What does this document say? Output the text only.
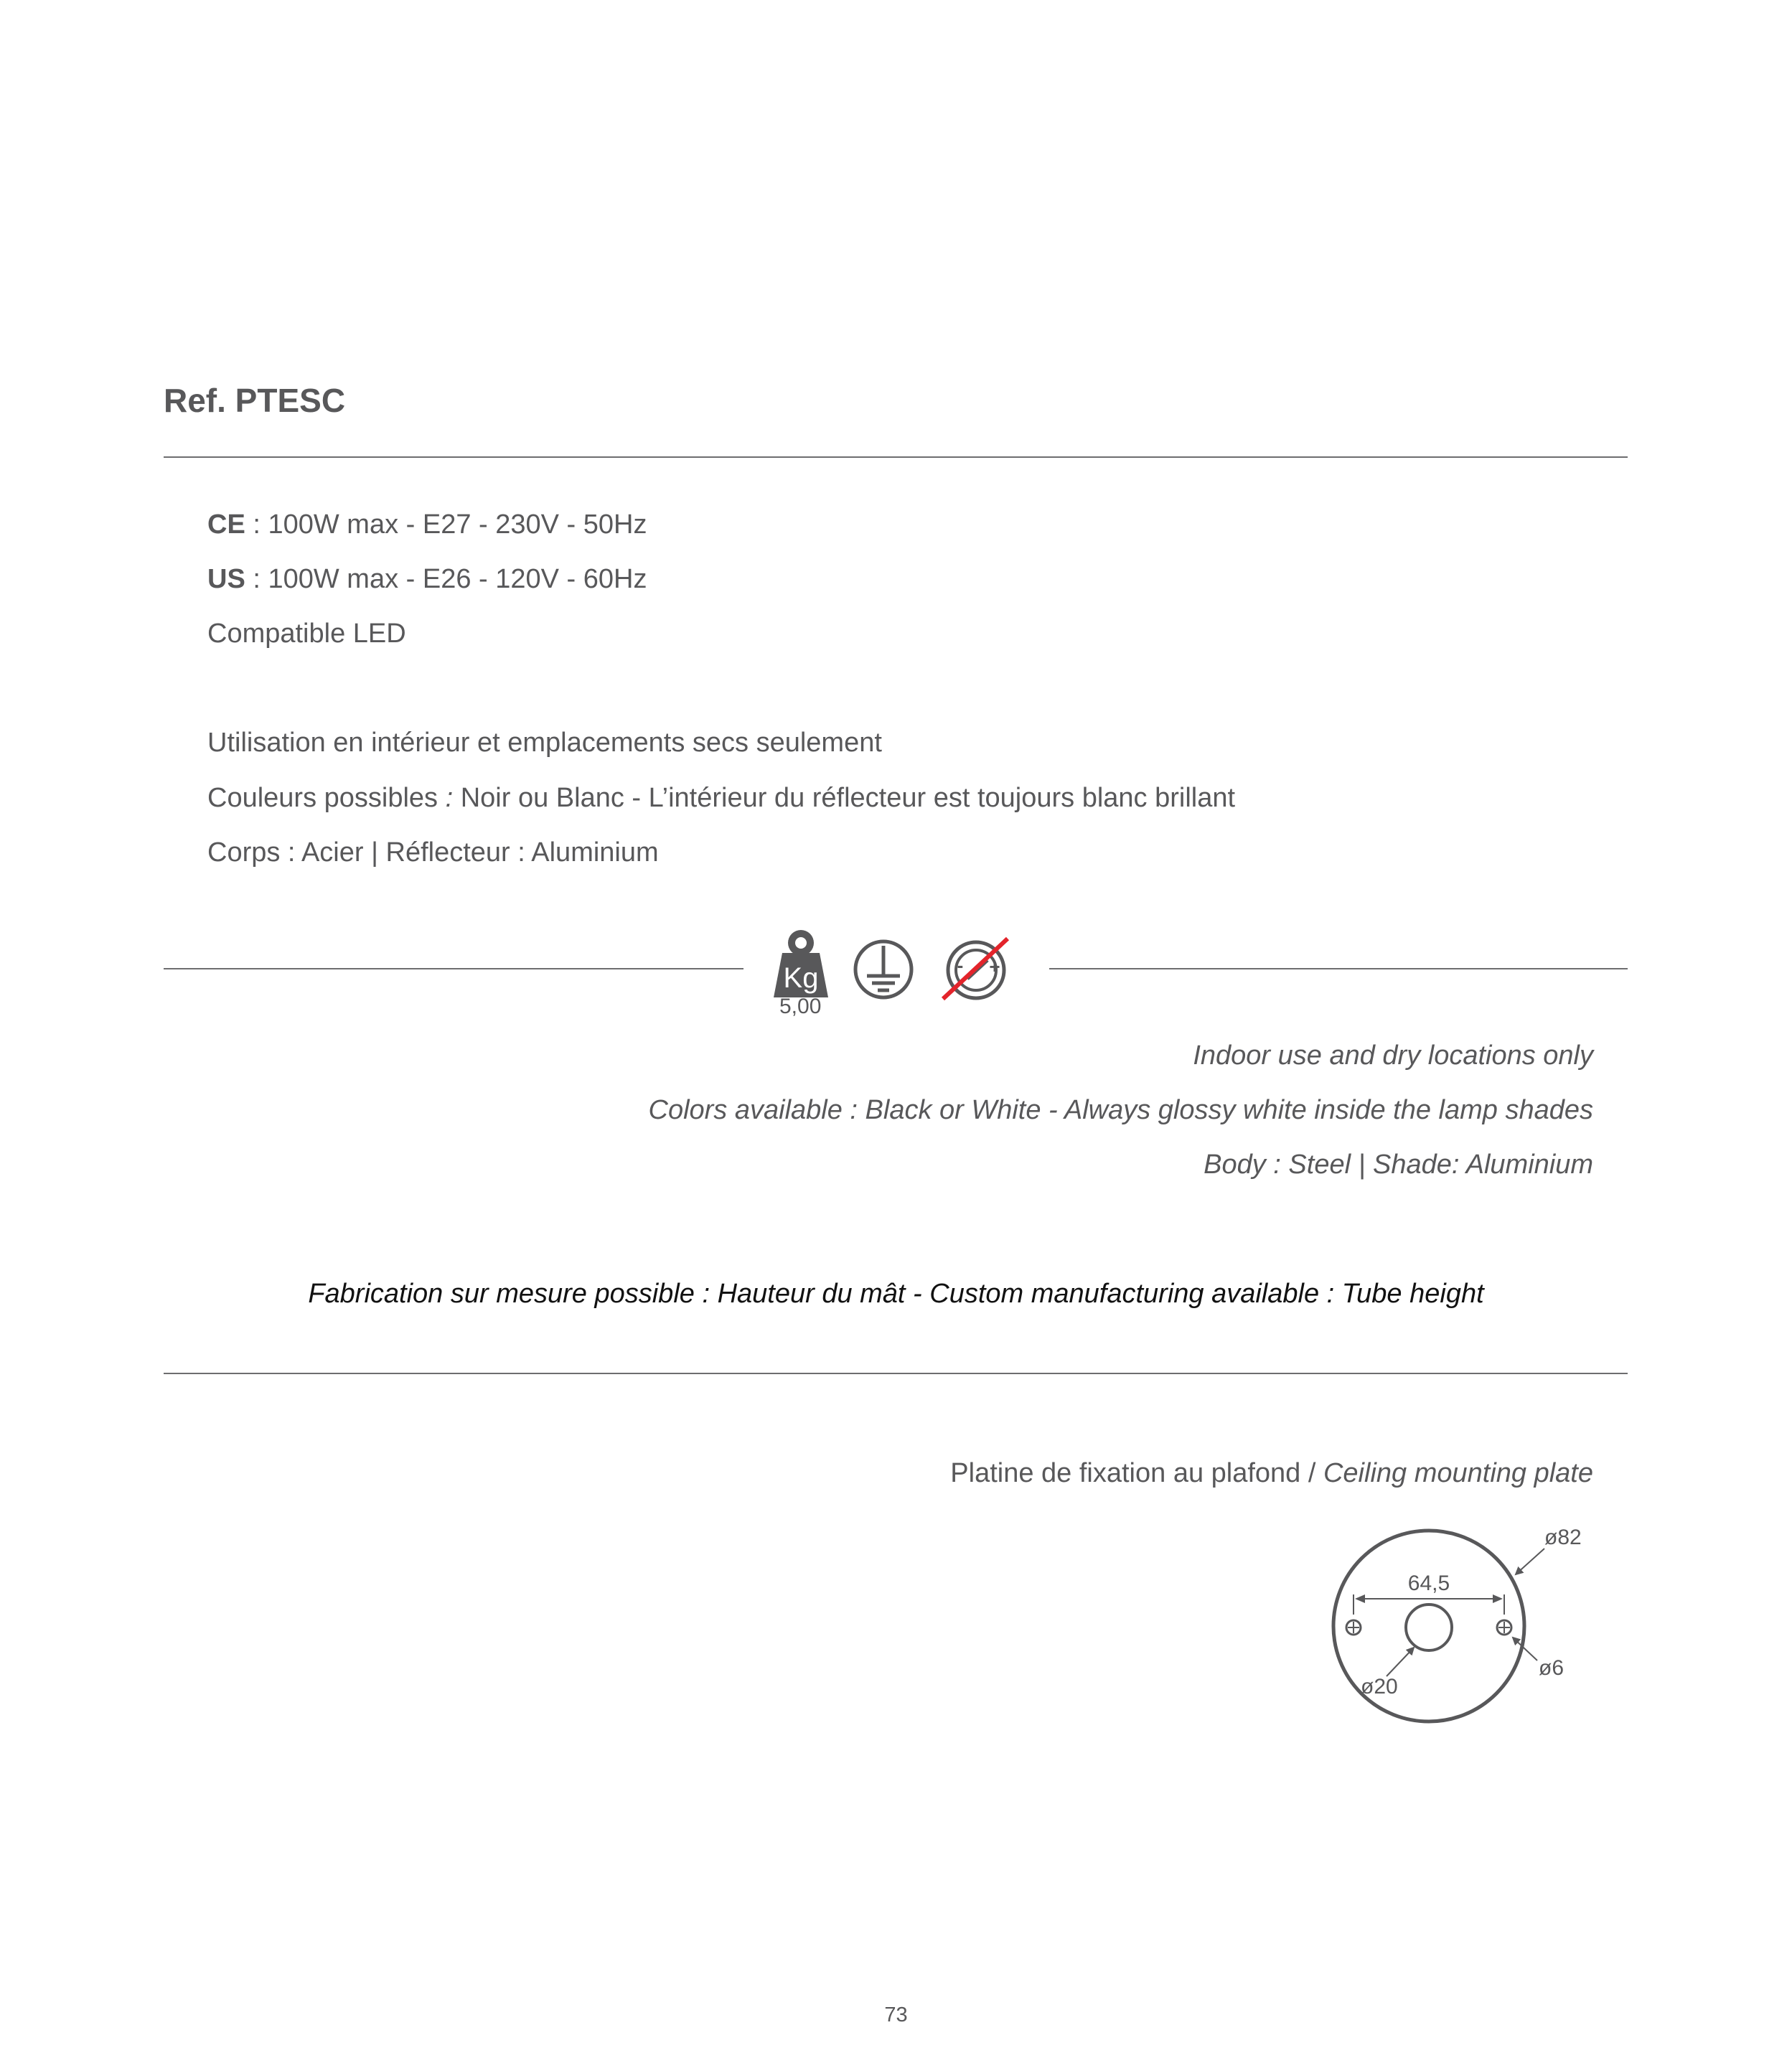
Ref. PTESC
CE : 100W max - E27 - 230V - 50Hz
US : 100W max - E26 - 120V - 60Hz
Compatible LED
Utilisation en intérieur et emplacements secs seulement
Couleurs possibles : Noir ou Blanc - L’intérieur du réflecteur est toujours blanc brillant
Corps : Acier | Réflecteur : Aluminium
Kg
5,00
- +
Indoor use and dry locations only
Colors available : Black or White - Always glossy white inside the lamp shades
Body : Steel | Shade: Aluminium
Fabrication sur mesure possible : Hauteur du mât - Custom manufacturing available : Tube height
Platine de fixation au plafond / Ceiling mounting plate
64,5
ø82
ø6
ø20
73
